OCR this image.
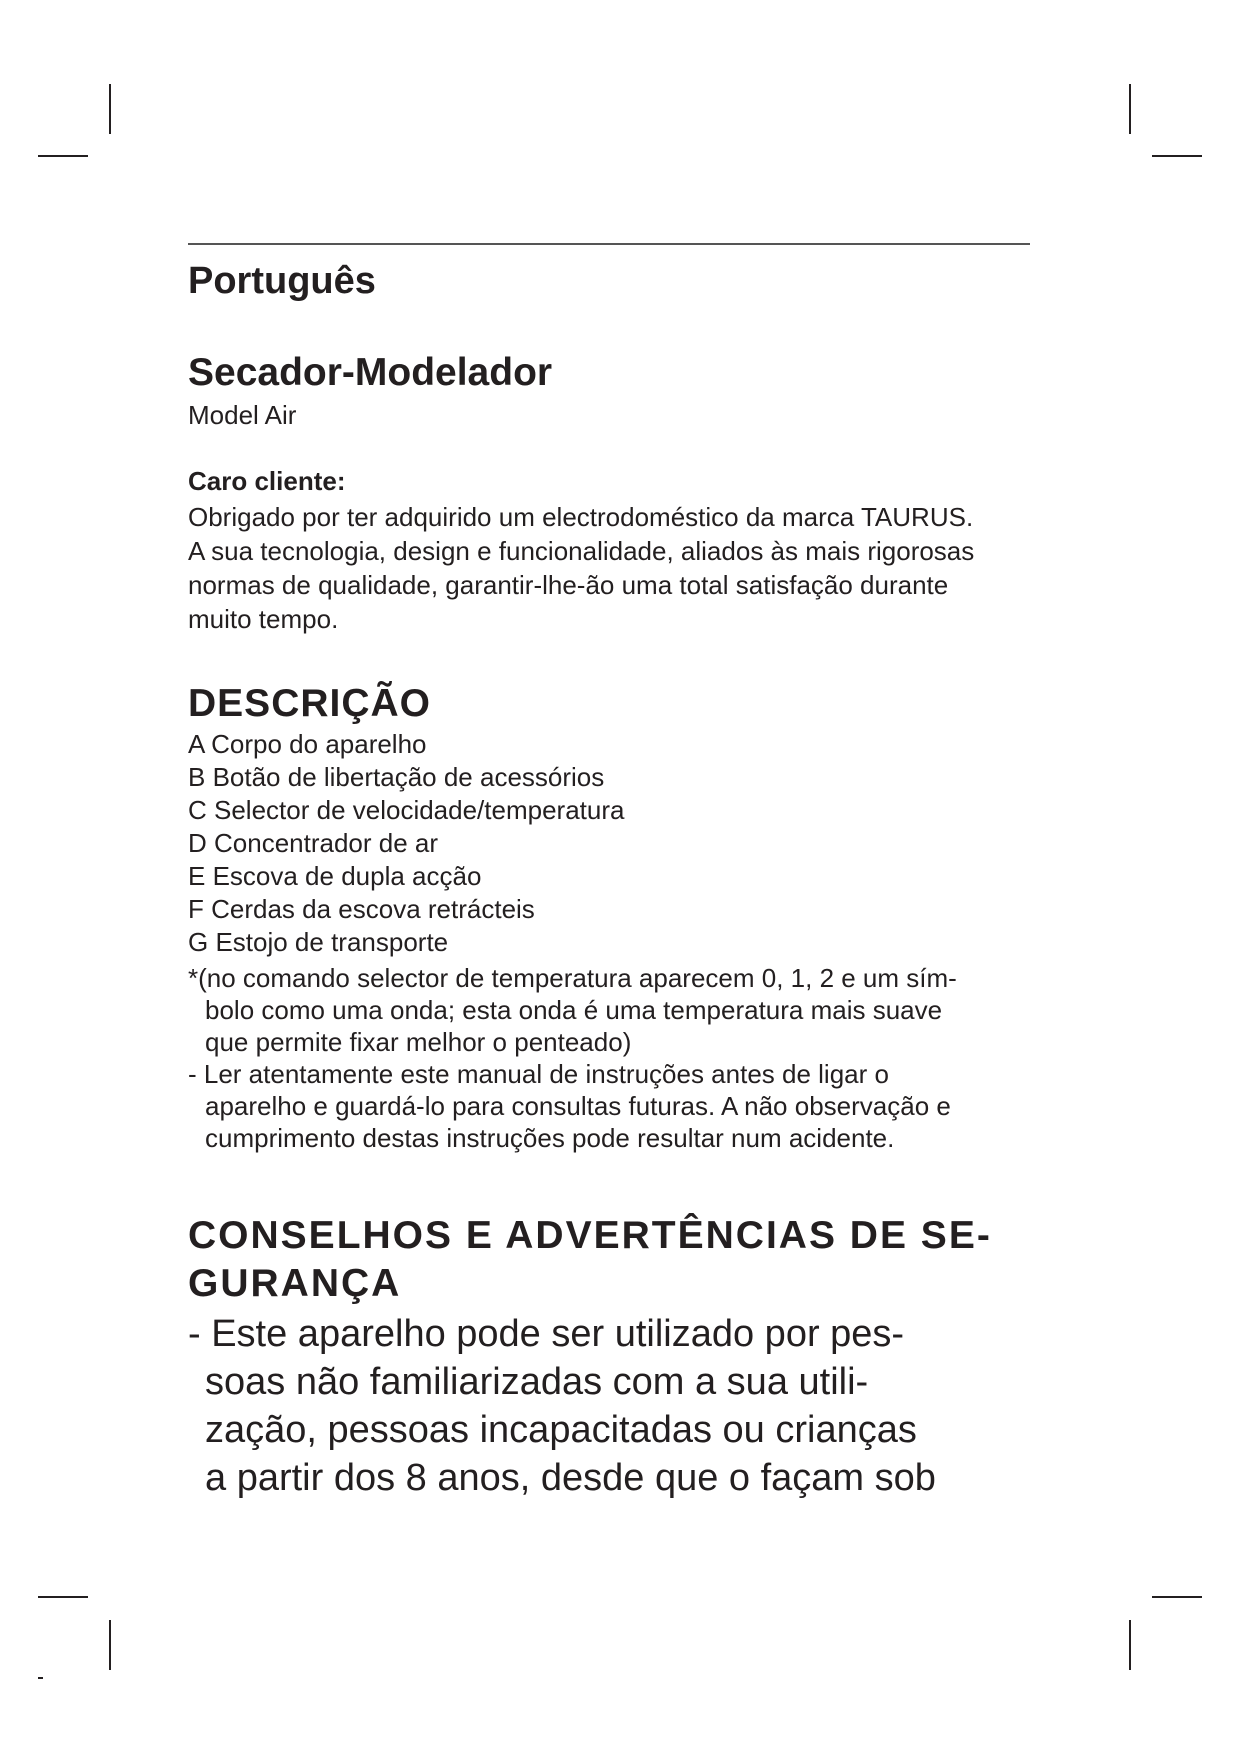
Português
Secador-Modelador

Model Air

Caro cliente:

Obrigado por ter adquirido um electrodoméstico da marca TAURUS.

A sua tecnologia, design e funcionalidade, aliados às mais rigorosas

normas de qualidade, garantir-lhe-ão uma total satisfação durante

muito tempo.

DESCRIÇÃO

A Corpo do aparelho

B Botão de libertação de acessórios

C Selector de velocidade/temperatura

D Concentrador de ar

E Escova de dupla acção

F Cerdas da escova retrácteis

G Estojo de transporte

*(no comando selector de temperatura aparecem 0, 1, 2 e um sím-

bolo como uma onda; esta onda é uma temperatura mais suave

que permite fixar melhor o penteado)

- Ler atentamente este manual de instruções antes de ligar o

aparelho e guardá-lo para consultas futuras. A não observação e

cumprimento destas instruções pode resultar num acidente.

CONSELHOS E ADVERTÊNCIAS DE SE-
GURANÇA

- Este aparelho pode ser utilizado por pes-

soas não familiarizadas com a sua utili-

zação, pessoas incapacitadas ou crianças

a partir dos 8 anos, desde que o façam sob
